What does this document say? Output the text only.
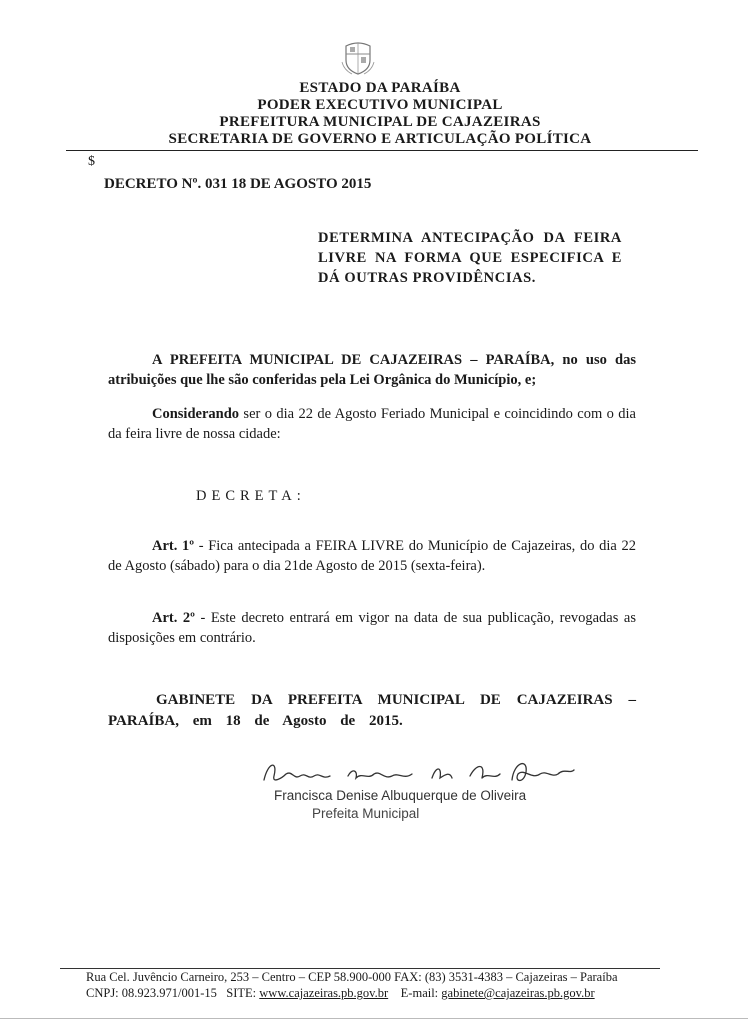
ESTADO DA PARAÍBA
PODER EXECUTIVO MUNICIPAL
PREFEITURA MUNICIPAL DE CAJAZEIRAS
SECRETARIA DE GOVERNO E ARTICULAÇÃO POLÍTICA
$
DECRETO Nº. 031 18 DE AGOSTO 2015
DETERMINA ANTECIPAÇÃO DA FEIRA LIVRE NA FORMA QUE ESPECIFICA E DÁ OUTRAS PROVIDÊNCIAS.
A PREFEITA MUNICIPAL DE CAJAZEIRAS – PARAÍBA, no uso das atribuições que lhe são conferidas pela Lei Orgânica do Município, e;
Considerando ser o dia 22 de Agosto Feriado Municipal e coincidindo com o dia da feira livre de nossa cidade:
DECRETA:
Art. 1º - Fica antecipada a FEIRA LIVRE do Município de Cajazeiras, do dia 22 de Agosto (sábado) para o dia 21de Agosto de 2015 (sexta-feira).
Art. 2º - Este decreto entrará em vigor na data de sua publicação, revogadas as disposições em contrário.
GABINETE DA PREFEITA MUNICIPAL DE CAJAZEIRAS – PARAÍBA, em 18 de Agosto de 2015.
Francisca Denise Albuquerque de Oliveira
Prefeita Municipal
Rua Cel. Juvêncio Carneiro, 253 – Centro – CEP 58.900-000 FAX: (83) 3531-4383 – Cajazeiras – Paraíba
CNPJ: 08.923.971/001-15 SITE: www.cajazeiras.pb.gov.br E-mail: gabinete@cajazeiras.pb.gov.br
